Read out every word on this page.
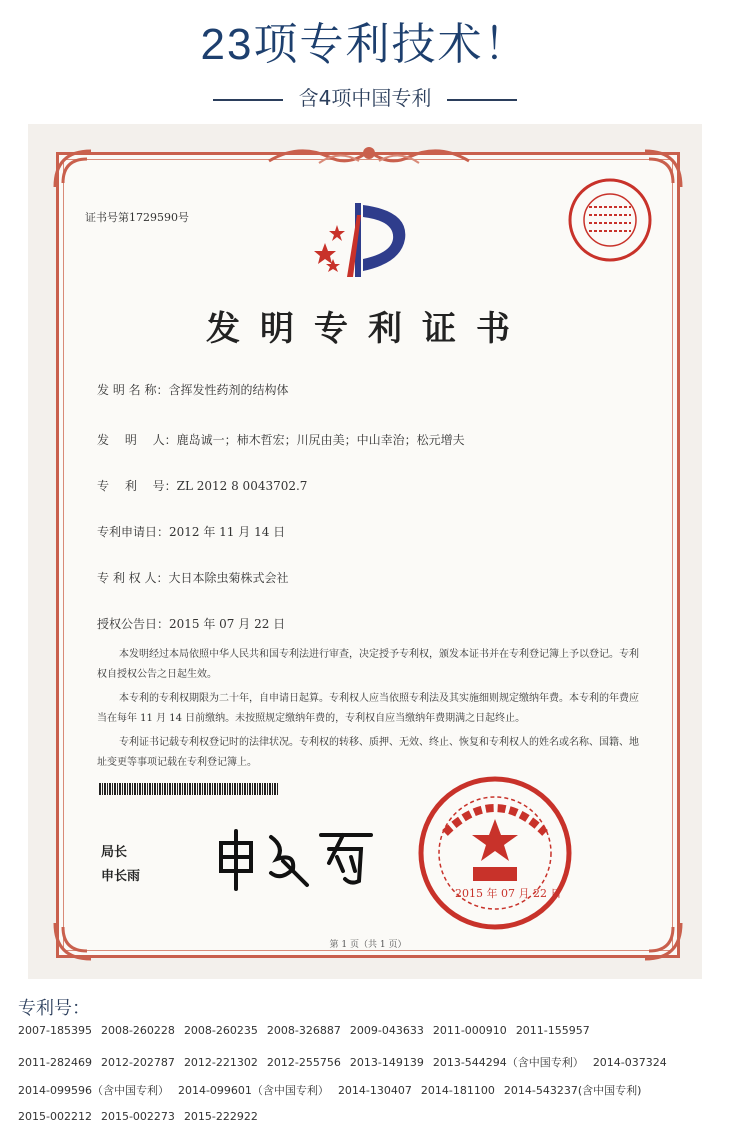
23项专利技术！
含4项中国专利
证书号第1729590号
发明专利证书
发 明 名 称：含挥发性药剂的结构体
发　 明　 人：鹿岛诚一；柿木哲宏；川尻由美；中山幸治；松元增夫
专　 利　 号：ZL 2012 8 0043702.7
专利申请日：2012 年 11 月 14 日
专 利 权 人：大日本除虫菊株式会社
授权公告日：2015 年 07 月 22 日
本发明经过本局依照中华人民共和国专利法进行审查，决定授予专利权，颁发本证书并在专利登记簿上予以登记。专利权自授权公告之日起生效。
本专利的专利权期限为二十年，自申请日起算。专利权人应当依照专利法及其实施细则规定缴纳年费。本专利的年费应当在每年 11 月 14 日前缴纳。未按照规定缴纳年费的，专利权自应当缴纳年费期满之日起终止。
专利证书记载专利权登记时的法律状况。专利权的转移、质押、无效、终止、恢复和专利权人的姓名或名称、国籍、地址变更等事项记载在专利登记簿上。
局长
申长雨
2015 年 07 月 22 日
第 1 页（共 1 页）
专利号：
2007-185395 2008-260228 2008-260235 2008-326887 2009-043633 2011-000910 2011-155957
2011-282469 2012-202787 2012-221302 2012-255756 2013-149139 2013-544294（含中国专利） 2014-037324
2014-099596（含中国专利） 2014-099601（含中国专利） 2014-130407 2014-181100 2014-543237(含中国专利)
2015-002212 2015-002273 2015-222922
